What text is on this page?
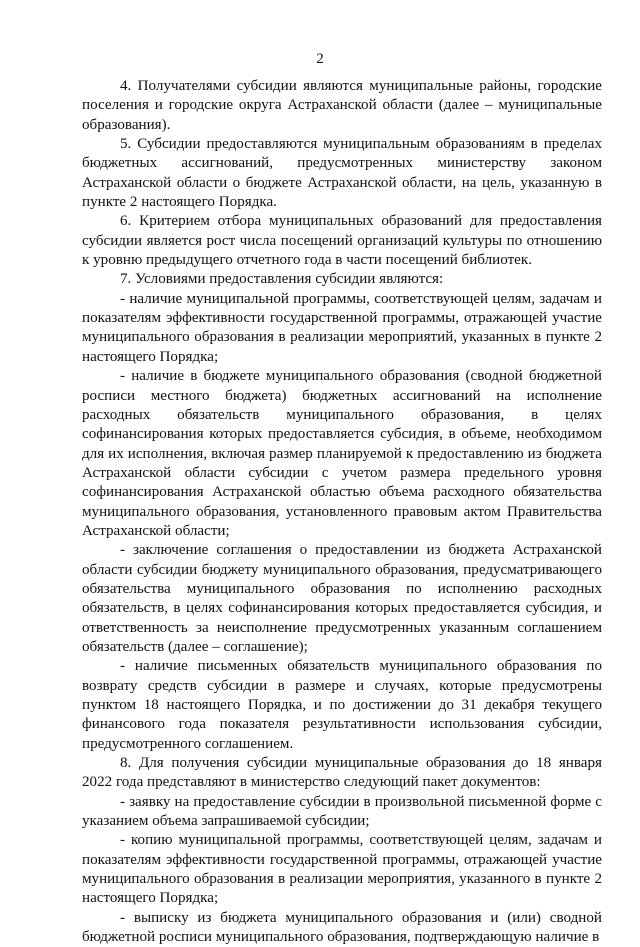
2

4. Получателями субсидии являются муниципальные районы, городские поселения и городские округа Астраханской области (далее – муниципальные образования).

5. Субсидии предоставляются муниципальным образованиям в пределах бюджетных ассигнований, предусмотренных министерству законом Астраханской области о бюджете Астраханской области, на цель, указанную в пункте 2 настоящего Порядка.

6. Критерием отбора муниципальных образований для предоставления субсидии является рост числа посещений организаций культуры по отношению к уровню предыдущего отчетного года в части посещений библиотек.

7. Условиями предоставления субсидии являются:

- наличие муниципальной программы, соответствующей целям, задачам и показателям эффективности государственной программы, отражающей участие муниципального образования в реализации мероприятий, указанных в пункте 2 настоящего Порядка;

- наличие в бюджете муниципального образования (сводной бюджетной росписи местного бюджета) бюджетных ассигнований на исполнение расходных обязательств муниципального образования, в целях софинансирования которых предоставляется субсидия, в объеме, необходимом для их исполнения, включая размер планируемой к предоставлению из бюджета Астраханской области субсидии с учетом размера предельного уровня софинансирования Астраханской областью объема расходного обязательства муниципального образования, установленного правовым актом Правительства Астраханской области;

- заключение соглашения о предоставлении из бюджета Астраханской области субсидии бюджету муниципального образования, предусматривающего обязательства муниципального образования по исполнению расходных обязательств, в целях софинансирования которых предоставляется субсидия, и ответственность за неисполнение предусмотренных указанным соглашением обязательств (далее – соглашение);

- наличие письменных обязательств муниципального образования по возврату средств субсидии в размере и случаях, которые предусмотрены пунктом 18 настоящего Порядка, и по достижении до 31 декабря текущего финансового года показателя результативности использования субсидии, предусмотренного соглашением.

8. Для получения субсидии муниципальные образования до 18 января 2022 года представляют в министерство следующий пакет документов:

- заявку на предоставление субсидии в произвольной письменной форме с указанием объема запрашиваемой субсидии;

- копию муниципальной программы, соответствующей целям, задачам и показателям эффективности государственной программы, отражающей участие муниципального образования в реализации мероприятия, указанного в пункте 2 настоящего Порядка;

- выписку из бюджета муниципального образования и (или) сводной бюджетной росписи муниципального образования, подтверждающую наличие в
